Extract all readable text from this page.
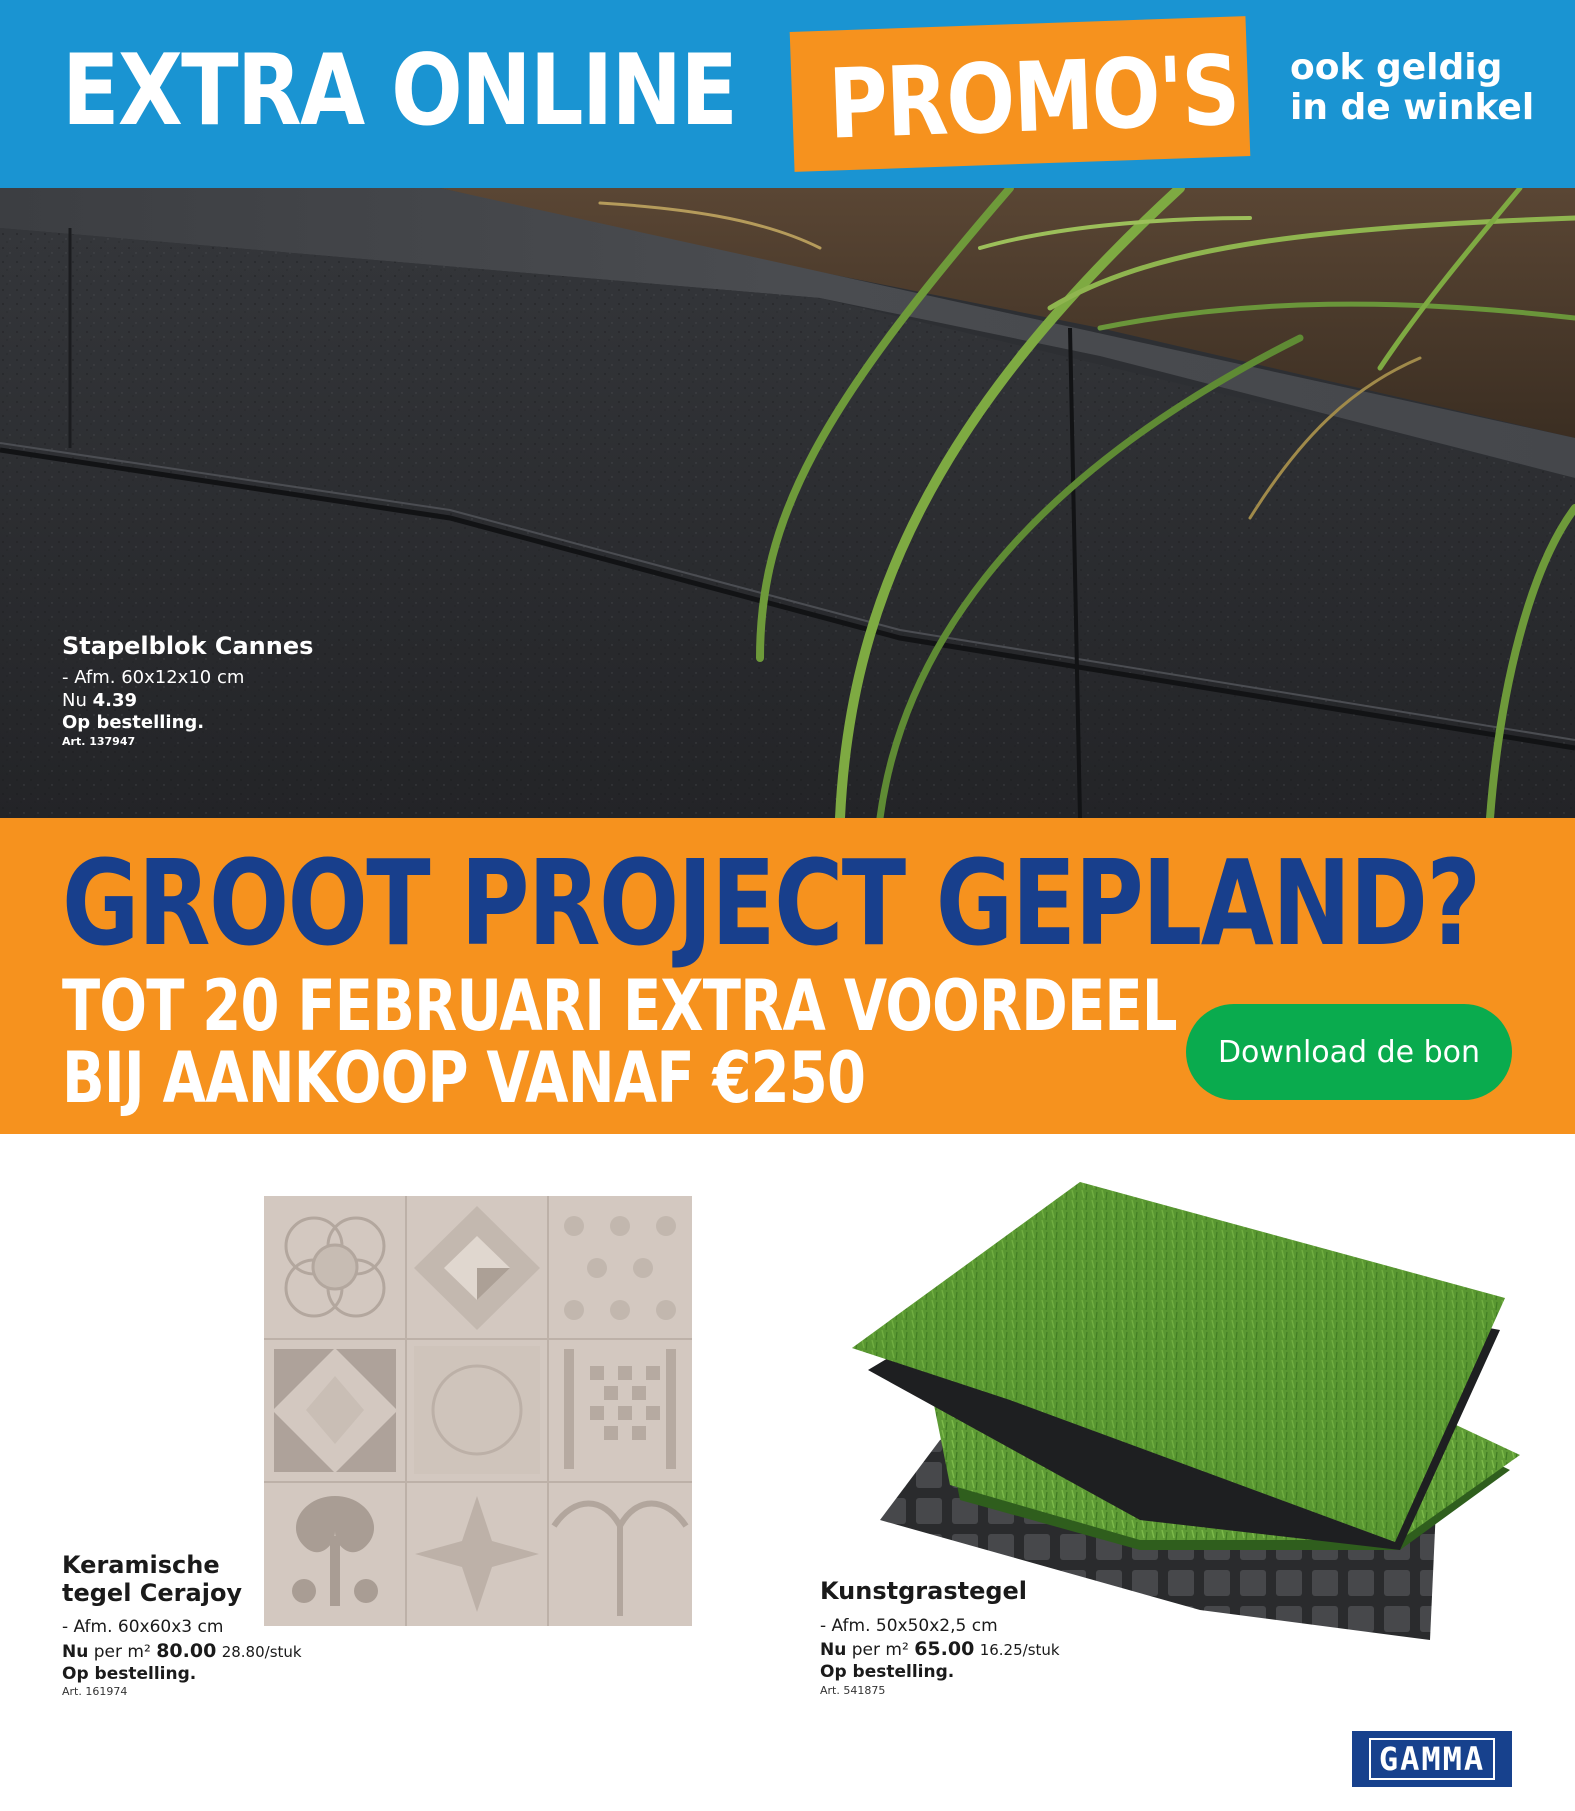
EXTRA ONLINE PROMO'S ook geldig
in de winkel
Stapelblok Cannes
- Afm. 60x12x10 cm
Nu 4.39
Op bestelling.
Art. 137947
GROOT PROJECT GEPLAND?
TOT 20 FEBRUARI EXTRA VOORDEEL
BIJ AANKOOP VANAF €250	Download de bon
Keramische
tegel Cerajoy
- Afm. 60x60x3 cm
Nu per m² 80.00 28.80/stuk
Op bestelling.
Art. 161974
Kunstgrastegel
- Afm. 50x50x2,5 cm
Nu per m² 65.00 16.25/stuk
Op bestelling.
Art. 541875
GAMMA
